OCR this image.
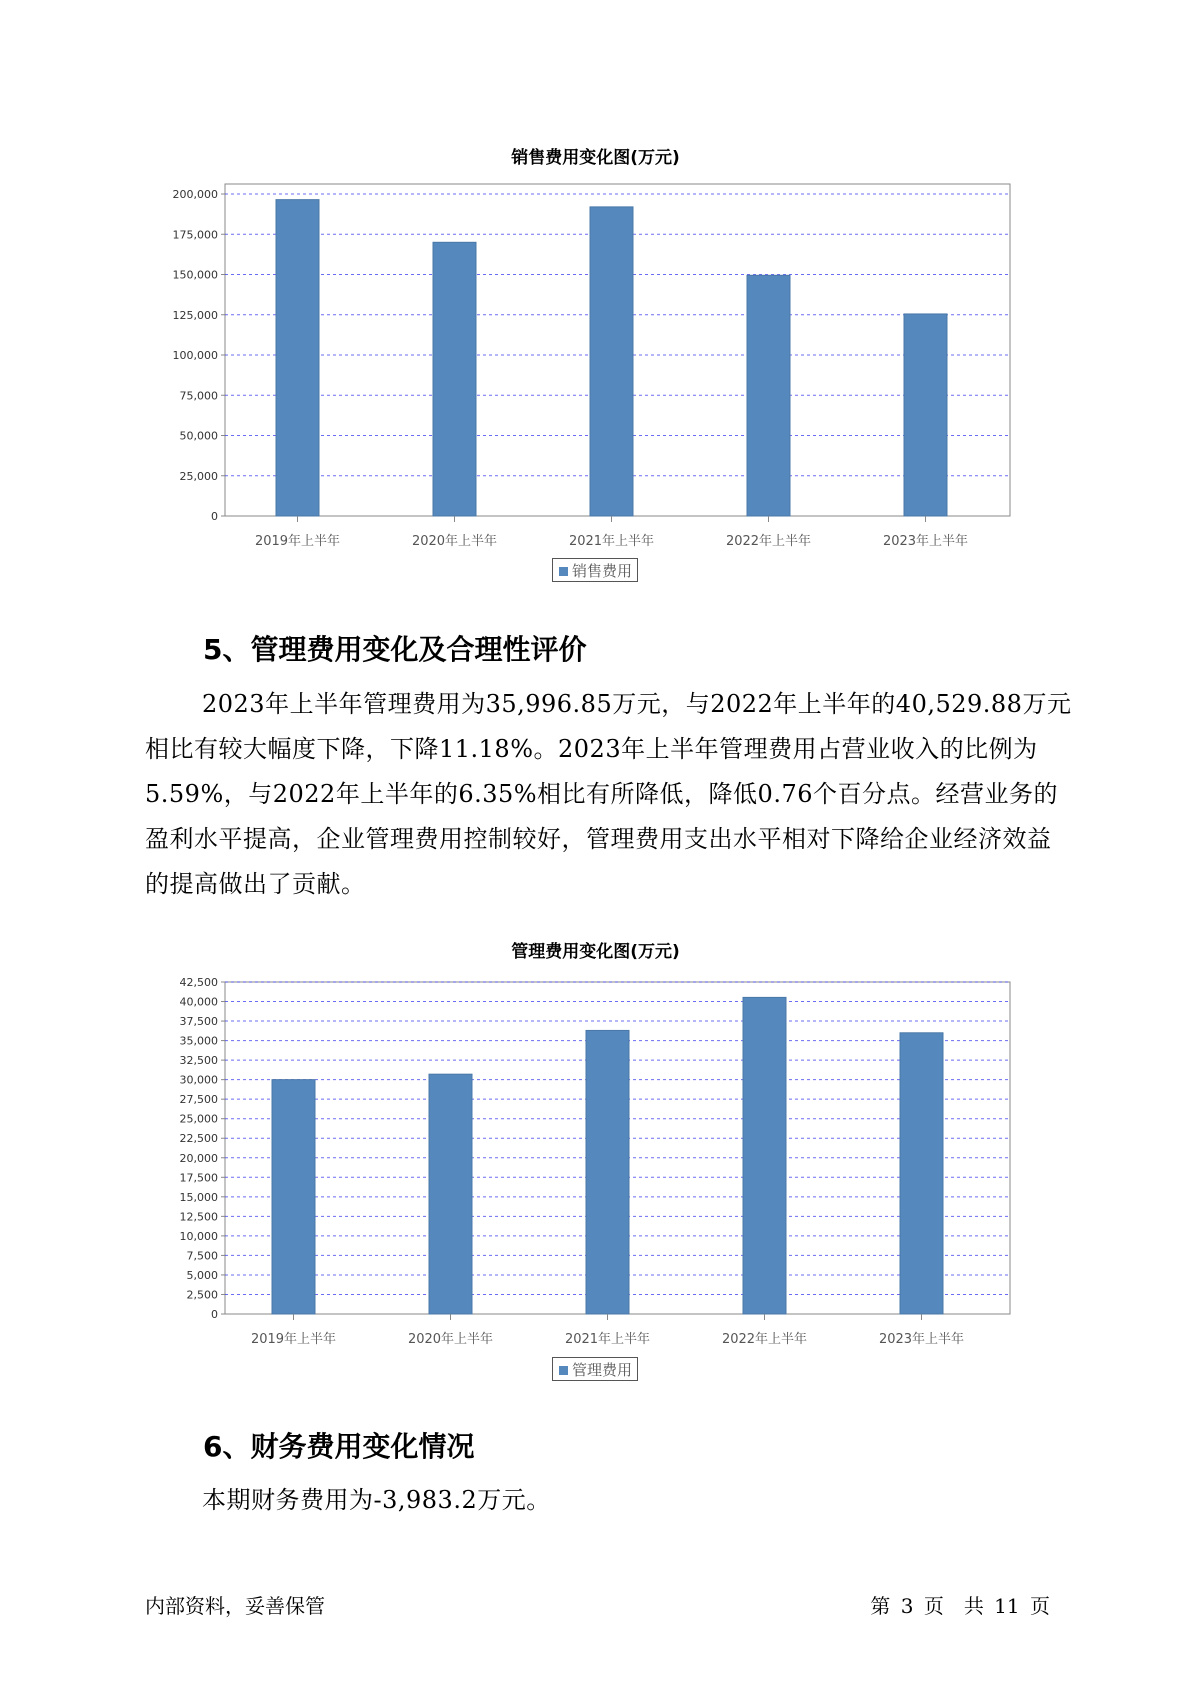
销售费用变化图(万元)
0
25,000
50,000
75,000
100,000
125,000
150,000
175,000
200,000
2019年上半年	2020年上半年	2021年上半年	2022年上半年	2023年上半年
销售费用
5、管理费用变化及合理性评价

2023年上半年管理费用为35,996.85万元，与2022年上半年的40,529.88万元相比有较大幅度下降，下降11.18%。2023年上半年管理费用占营业收入的比例为5.59%，与2022年上半年的6.35%相比有所降低，降低0.76个百分点。经营业务的盈利水平提高，企业管理费用控制较好，管理费用支出水平相对下降给企业经济效益的提高做出了贡献。

管理费用变化图(万元)
0
2,500
5,000
7,500
10,000
12,500
15,000
17,500
20,000
22,500
25,000
27,500
30,000
32,500
35,000
37,500
40,000
42,500
2019年上半年	2020年上半年	2021年上半年	2022年上半年	2023年上半年
管理费用
6、财务费用变化情况

本期财务费用为-3,983.2万元。

内部资料，妥善保管	第 3 页　共 11 页
